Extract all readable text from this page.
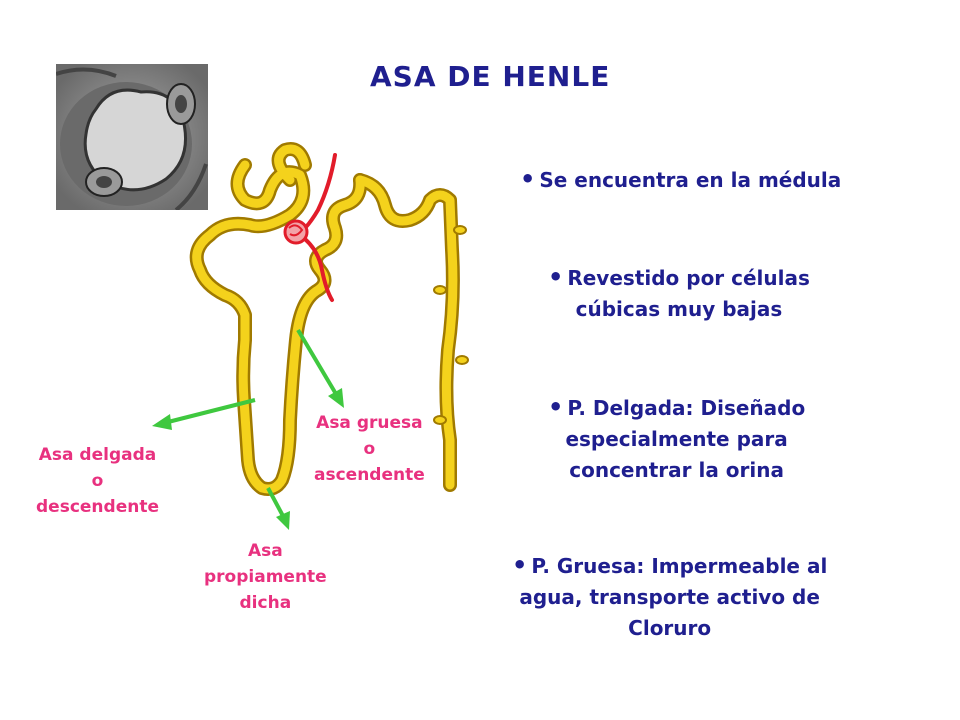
ASA DE HENLE
Asa delgada
o
descendente
Asa gruesa
o
ascendente
Asa
propiamente
dicha
• Se encuentra en la médula
• Revestido por células
cúbicas muy bajas
• P. Delgada: Diseñado
especialmente para
concentrar la orina
• P. Gruesa: Impermeable al
agua, transporte activo de
Cloruro
